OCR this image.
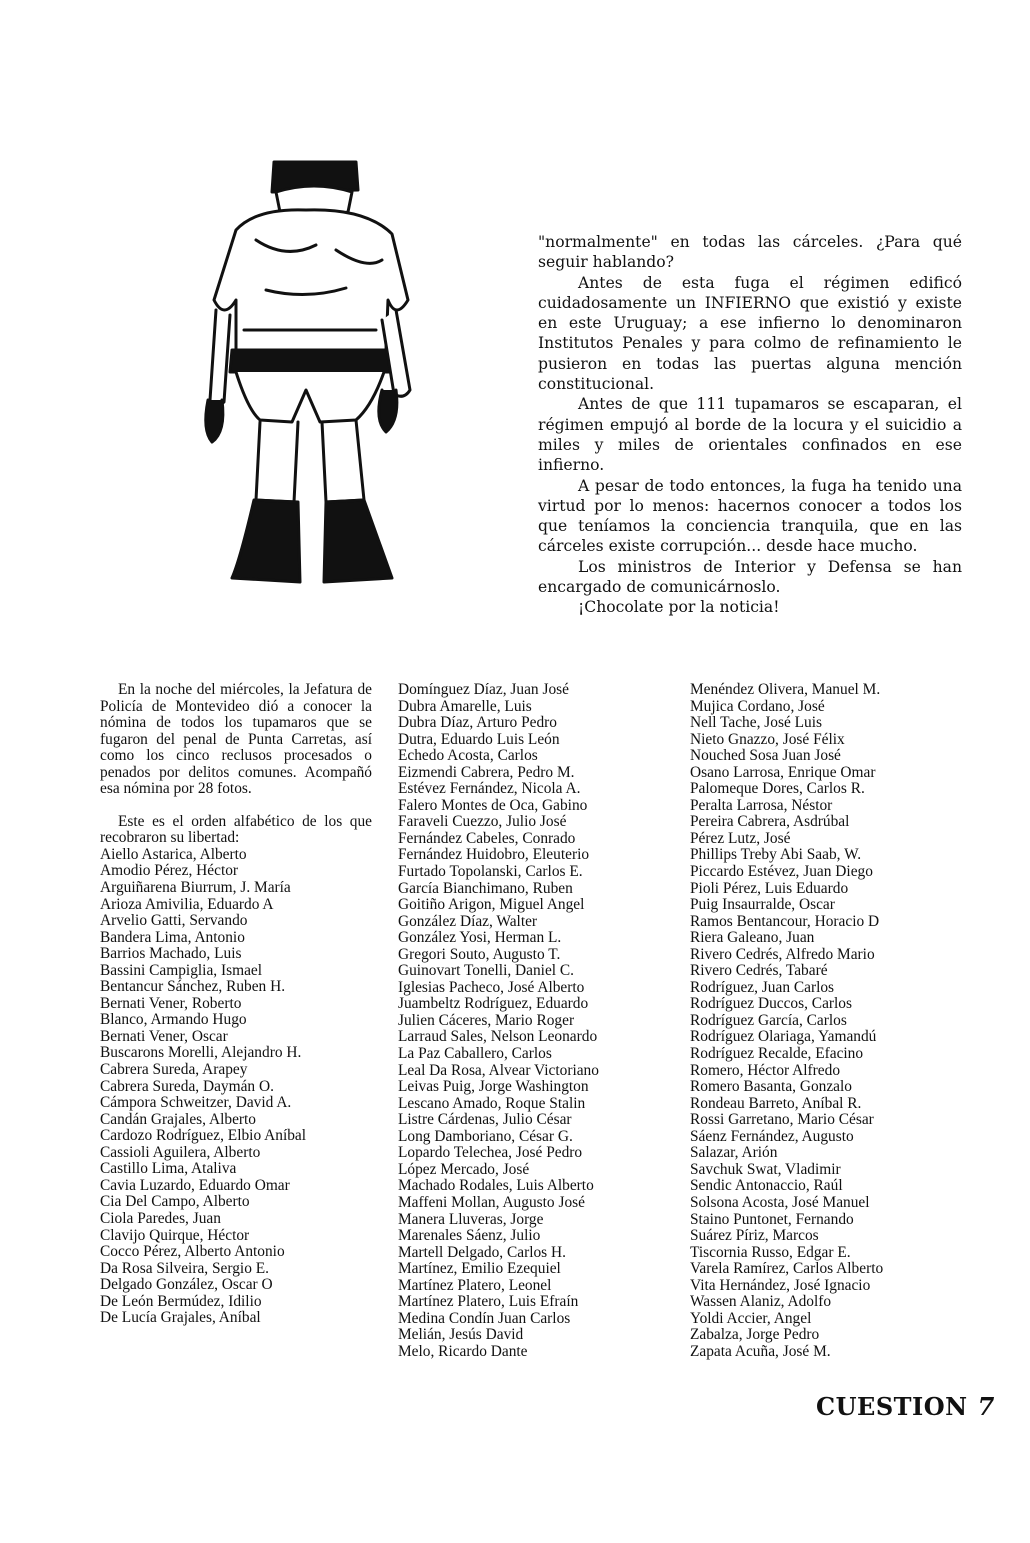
"normalmente" en todas las cárceles. ¿Para qué seguir hablando?

Antes de esta fuga el régimen edificó cuidadosamente un INFIERNO que existió y existe en este Uruguay; a ese infierno lo denominaron Institutos Penales y para colmo de refinamiento le pusieron en todas las puertas alguna mención constitucional.

Antes de que 111 tupamaros se escaparan, el régimen empujó al borde de la locura y el suicidio a miles y miles de orientales confinados en ese infierno.

A pesar de todo entonces, la fuga ha tenido una virtud por lo menos: hacernos conocer a todos los que teníamos la conciencia tranquila, que en las cárceles existe corrupción... desde hace mucho.

Los ministros de Interior y Defensa se han encargado de comunicárnoslo.

¡Chocolate por la noticia!

En la noche del miércoles, la Jefatura de Policía de Montevideo dió a conocer la nómina de todos los tupamaros que se fugaron del penal de Punta Carretas, así como los cinco reclusos procesados o penados por delitos comunes. Acompañó esa nómina por 28 fotos.

Este es el orden alfabético de los que recobraron su libertad:

Aiello Astarica, Alberto
Amodio Pérez, Héctor
Arguiñarena Biurrum, J. María
Arioza Amivilia, Eduardo A
Arvelio Gatti, Servando
Bandera Lima, Antonio
Barrios Machado, Luis
Bassini Campiglia, Ismael
Bentancur Sánchez, Ruben H.
Bernati Vener, Roberto
Blanco, Armando Hugo
Bernati Vener, Oscar
Buscarons Morelli, Alejandro H.
Cabrera Sureda, Arapey
Cabrera Sureda, Daymán O.
Cámpora Schweitzer, David A.
Candán Grajales, Alberto
Cardozo Rodríguez, Elbio Aníbal
Cassioli Aguilera, Alberto
Castillo Lima, Ataliva
Cavia Luzardo, Eduardo Omar
Cia Del Campo, Alberto
Ciola Paredes, Juan
Clavijo Quirque, Héctor
Cocco Pérez, Alberto Antonio
Da Rosa Silveira, Sergio E.
Delgado González, Oscar O
De León Bermúdez, Idilio
De Lucía Grajales, Aníbal
Domínguez Díaz, Juan José
Dubra Amarelle, Luis
Dubra Díaz, Arturo Pedro
Dutra, Eduardo Luis León
Echedo Acosta, Carlos
Eizmendi Cabrera, Pedro M.
Estévez Fernández, Nicola A.
Falero Montes de Oca, Gabino
Faraveli Cuezzo, Julio José
Fernández Cabeles, Conrado
Fernández Huidobro, Eleuterio
Furtado Topolanski, Carlos E.
García Bianchimano, Ruben
Goitiño Arigon, Miguel Angel
González Díaz, Walter
González Yosi, Herman L.
Gregori Souto, Augusto T.
Guinovart Tonelli, Daniel C.
Iglesias Pacheco, José Alberto
Juambeltz Rodríguez, Eduardo
Julien Cáceres, Mario Roger
Larraud Sales, Nelson Leonardo
La Paz Caballero, Carlos
Leal Da Rosa, Alvear Victoriano
Leivas Puig, Jorge Washington
Lescano Amado, Roque Stalin
Listre Cárdenas, Julio César
Long Damboriano, César G.
Lopardo Telechea, José Pedro
López Mercado, José
Machado Rodales, Luis Alberto
Maffeni Mollan, Augusto José
Manera Lluveras, Jorge
Marenales Sáenz, Julio
Martell Delgado, Carlos H.
Martínez, Emilio Ezequiel
Martínez Platero, Leonel
Martínez Platero, Luis Efraín
Medina Condín Juan Carlos
Melián, Jesús David
Melo, Ricardo Dante
Menéndez Olivera, Manuel M.
Mujica Cordano, José
Nell Tache, José Luis
Nieto Gnazzo, José Félix
Nouched Sosa Juan José
Osano Larrosa, Enrique Omar
Palomeque Dores, Carlos R.
Peralta Larrosa, Néstor
Pereira Cabrera, Asdrúbal
Pérez Lutz, José
Phillips Treby Abi Saab, W.
Piccardo Estévez, Juan Diego
Pioli Pérez, Luis Eduardo
Puig Insaurralde, Oscar
Ramos Bentancour, Horacio D
Riera Galeano, Juan
Rivero Cedrés, Alfredo Mario
Rivero Cedrés, Tabaré
Rodríguez, Juan Carlos
Rodríguez Duccos, Carlos
Rodríguez García, Carlos
Rodríguez Olariaga, Yamandú
Rodríguez Recalde, Efacino
Romero, Héctor Alfredo
Romero Basanta, Gonzalo
Rondeau Barreto, Aníbal R.
Rossi Garretano, Mario César
Sáenz Fernández, Augusto
Salazar, Arión
Savchuk Swat, Vladimir
Sendic Antonaccio, Raúl
Solsona Acosta, José Manuel
Staino Puntonet, Fernando
Suárez Píriz, Marcos
Tiscornia Russo, Edgar E.
Varela Ramírez, Carlos Alberto
Vita Hernández, José Ignacio
Wassen Alaniz, Adolfo
Yoldi Accier, Angel
Zabalza, Jorge Pedro
Zapata Acuña, José M.
CUESTION 7
